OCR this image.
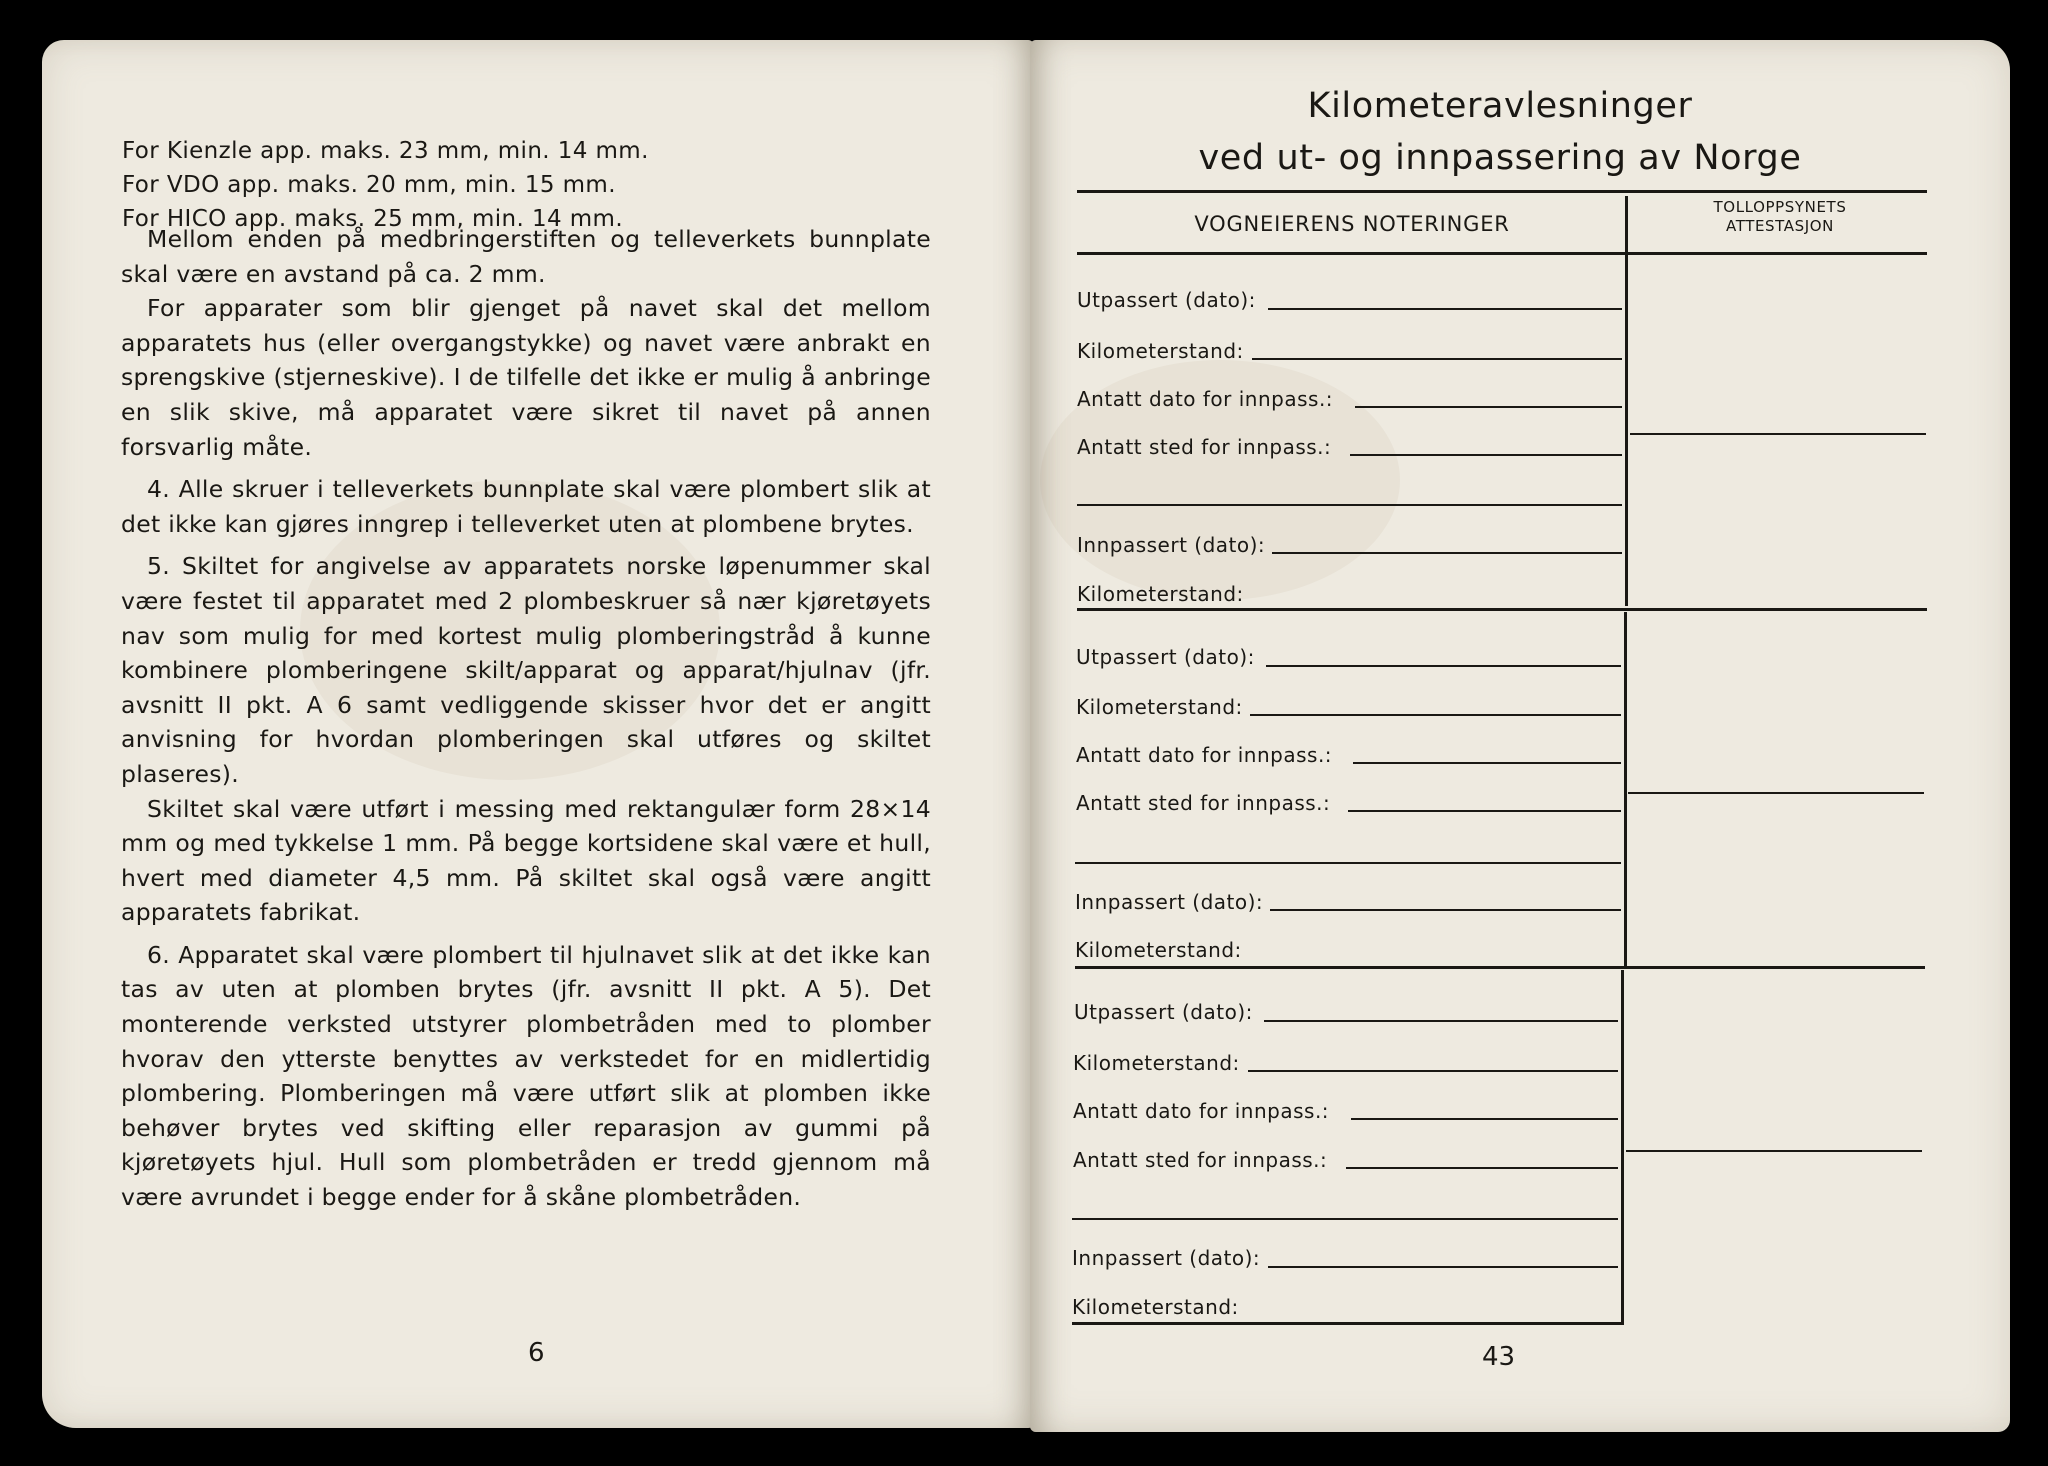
For Kienzle app. maks. 23 mm, min. 14 mm.
For VDO app. maks. 20 mm, min. 15 mm.
For HICO app. maks. 25 mm, min. 14 mm.

Mellom enden på medbringerstiften og telleverkets bunnplate skal være en avstand på ca. 2 mm.

For apparater som blir gjenget på navet skal det mellom apparatets hus (eller overgangstykke) og navet være anbrakt en sprengskive (stjerneskive). I de tilfelle det ikke er mulig å anbringe en slik skive, må apparatet være sikret til navet på annen forsvarlig måte.

4. Alle skruer i telleverkets bunnplate skal være plombert slik at det ikke kan gjøres inngrep i telleverket uten at plombene brytes.

5. Skiltet for angivelse av apparatets norske løpenummer skal være festet til apparatet med 2 plombeskruer så nær kjøretøyets nav som mulig for med kortest mulig plomberingstråd å kunne kombinere plomberingene skilt/apparat og apparat/hjulnav (jfr. avsnitt II pkt. A 6 samt vedliggende skisser hvor det er angitt anvisning for hvordan plomberingen skal utføres og skiltet plaseres).

Skiltet skal være utført i messing med rektangulær form 28×14 mm og med tykkelse 1 mm. På begge kortsidene skal være et hull, hvert med diameter 4,5 mm. På skiltet skal også være angitt apparatets fabrikat.

6. Apparatet skal være plombert til hjulnavet slik at det ikke kan tas av uten at plomben brytes (jfr. avsnitt II pkt. A 5). Det monterende verksted utstyrer plombetråden med to plomber hvorav den ytterste benyttes av verkstedet for en midlertidig plombering. Plomberingen må være utført slik at plomben ikke behøver brytes ved skifting eller reparasjon av gummi på kjøretøyets hjul. Hull som plombetråden er tredd gjennom må være avrundet i begge ender for å skåne plombetråden.

6
Kilometeravlesninger
ved ut- og innpassering av Norge
VOGNEIERENS NOTERINGER
TOLLOPPSYNETS
ATTESTASJON
Utpassert (dato):
Kilometerstand:
Antatt dato for innpass.:
Antatt sted for innpass.:
Innpassert (dato):
Kilometerstand:
Utpassert (dato):
Kilometerstand:
Antatt dato for innpass.:
Antatt sted for innpass.:
Innpassert (dato):
Kilometerstand:
Utpassert (dato):
Kilometerstand:
Antatt dato for innpass.:
Antatt sted for innpass.:
Innpassert (dato):
Kilometerstand:
43
